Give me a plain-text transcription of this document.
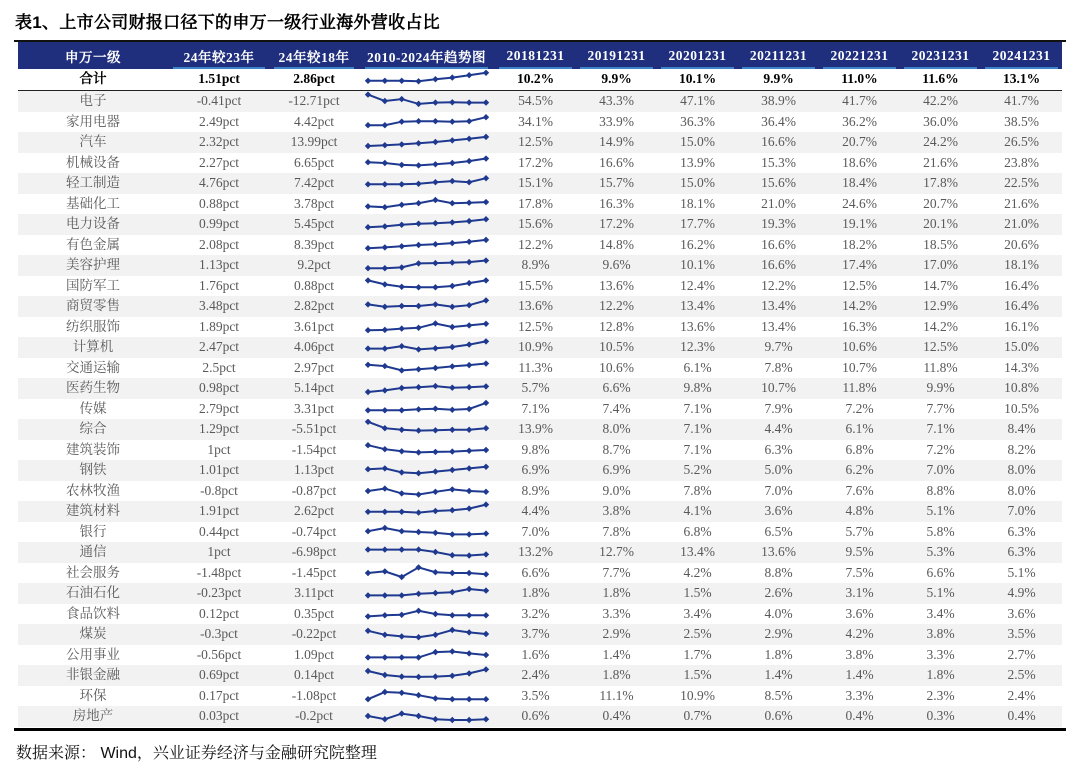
表1、上市公司财报口径下的申万一级行业海外营收占比
申万一级	24年较23年	24年较18年	2010-2024年趋势图	20181231	20191231	20201231	20211231	20221231	20231231	20241231
合计	1.51pct	2.86pct		10.2%	9.9%	10.1%	9.9%	11.0%	11.6%	13.1%
电子	-0.41pct	-12.71pct		54.5%	43.3%	47.1%	38.9%	41.7%	42.2%	41.7%
家用电器	2.49pct	4.42pct		34.1%	33.9%	36.3%	36.4%	36.2%	36.0%	38.5%
汽车	2.32pct	13.99pct		12.5%	14.9%	15.0%	16.6%	20.7%	24.2%	26.5%
机械设备	2.27pct	6.65pct		17.2%	16.6%	13.9%	15.3%	18.6%	21.6%	23.8%
轻工制造	4.76pct	7.42pct		15.1%	15.7%	15.0%	15.6%	18.4%	17.8%	22.5%
基础化工	0.88pct	3.78pct		17.8%	16.3%	18.1%	21.0%	24.6%	20.7%	21.6%
电力设备	0.99pct	5.45pct		15.6%	17.2%	17.7%	19.3%	19.1%	20.1%	21.0%
有色金属	2.08pct	8.39pct		12.2%	14.8%	16.2%	16.6%	18.2%	18.5%	20.6%
美容护理	1.13pct	9.2pct		8.9%	9.6%	10.1%	16.6%	17.4%	17.0%	18.1%
国防军工	1.76pct	0.88pct		15.5%	13.6%	12.4%	12.2%	12.5%	14.7%	16.4%
商贸零售	3.48pct	2.82pct		13.6%	12.2%	13.4%	13.4%	14.2%	12.9%	16.4%
纺织服饰	1.89pct	3.61pct		12.5%	12.8%	13.6%	13.4%	16.3%	14.2%	16.1%
计算机	2.47pct	4.06pct		10.9%	10.5%	12.3%	9.7%	10.6%	12.5%	15.0%
交通运输	2.5pct	2.97pct		11.3%	10.6%	6.1%	7.8%	10.7%	11.8%	14.3%
医药生物	0.98pct	5.14pct		5.7%	6.6%	9.8%	10.7%	11.8%	9.9%	10.8%
传媒	2.79pct	3.31pct		7.1%	7.4%	7.1%	7.9%	7.2%	7.7%	10.5%
综合	1.29pct	-5.51pct		13.9%	8.0%	7.1%	4.4%	6.1%	7.1%	8.4%
建筑装饰	1pct	-1.54pct		9.8%	8.7%	7.1%	6.3%	6.8%	7.2%	8.2%
钢铁	1.01pct	1.13pct		6.9%	6.9%	5.2%	5.0%	6.2%	7.0%	8.0%
农林牧渔	-0.8pct	-0.87pct		8.9%	9.0%	7.8%	7.0%	7.6%	8.8%	8.0%
建筑材料	1.91pct	2.62pct		4.4%	3.8%	4.1%	3.6%	4.8%	5.1%	7.0%
银行	0.44pct	-0.74pct		7.0%	7.8%	6.8%	6.5%	5.7%	5.8%	6.3%
通信	1pct	-6.98pct		13.2%	12.7%	13.4%	13.6%	9.5%	5.3%	6.3%
社会服务	-1.48pct	-1.45pct		6.6%	7.7%	4.2%	8.8%	7.5%	6.6%	5.1%
石油石化	-0.23pct	3.11pct		1.8%	1.8%	1.5%	2.6%	3.1%	5.1%	4.9%
食品饮料	0.12pct	0.35pct		3.2%	3.3%	3.4%	4.0%	3.6%	3.4%	3.6%
煤炭	-0.3pct	-0.22pct		3.7%	2.9%	2.5%	2.9%	4.2%	3.8%	3.5%
公用事业	-0.56pct	1.09pct		1.6%	1.4%	1.7%	1.8%	3.8%	3.3%	2.7%
非银金融	0.69pct	0.14pct		2.4%	1.8%	1.5%	1.4%	1.4%	1.8%	2.5%
环保	0.17pct	-1.08pct		3.5%	11.1%	10.9%	8.5%	3.3%	2.3%	2.4%
房地产	0.03pct	-0.2pct		0.6%	0.4%	0.7%	0.6%	0.4%	0.3%	0.4%
数据来源： Wind，兴业证券经济与金融研究院整理
